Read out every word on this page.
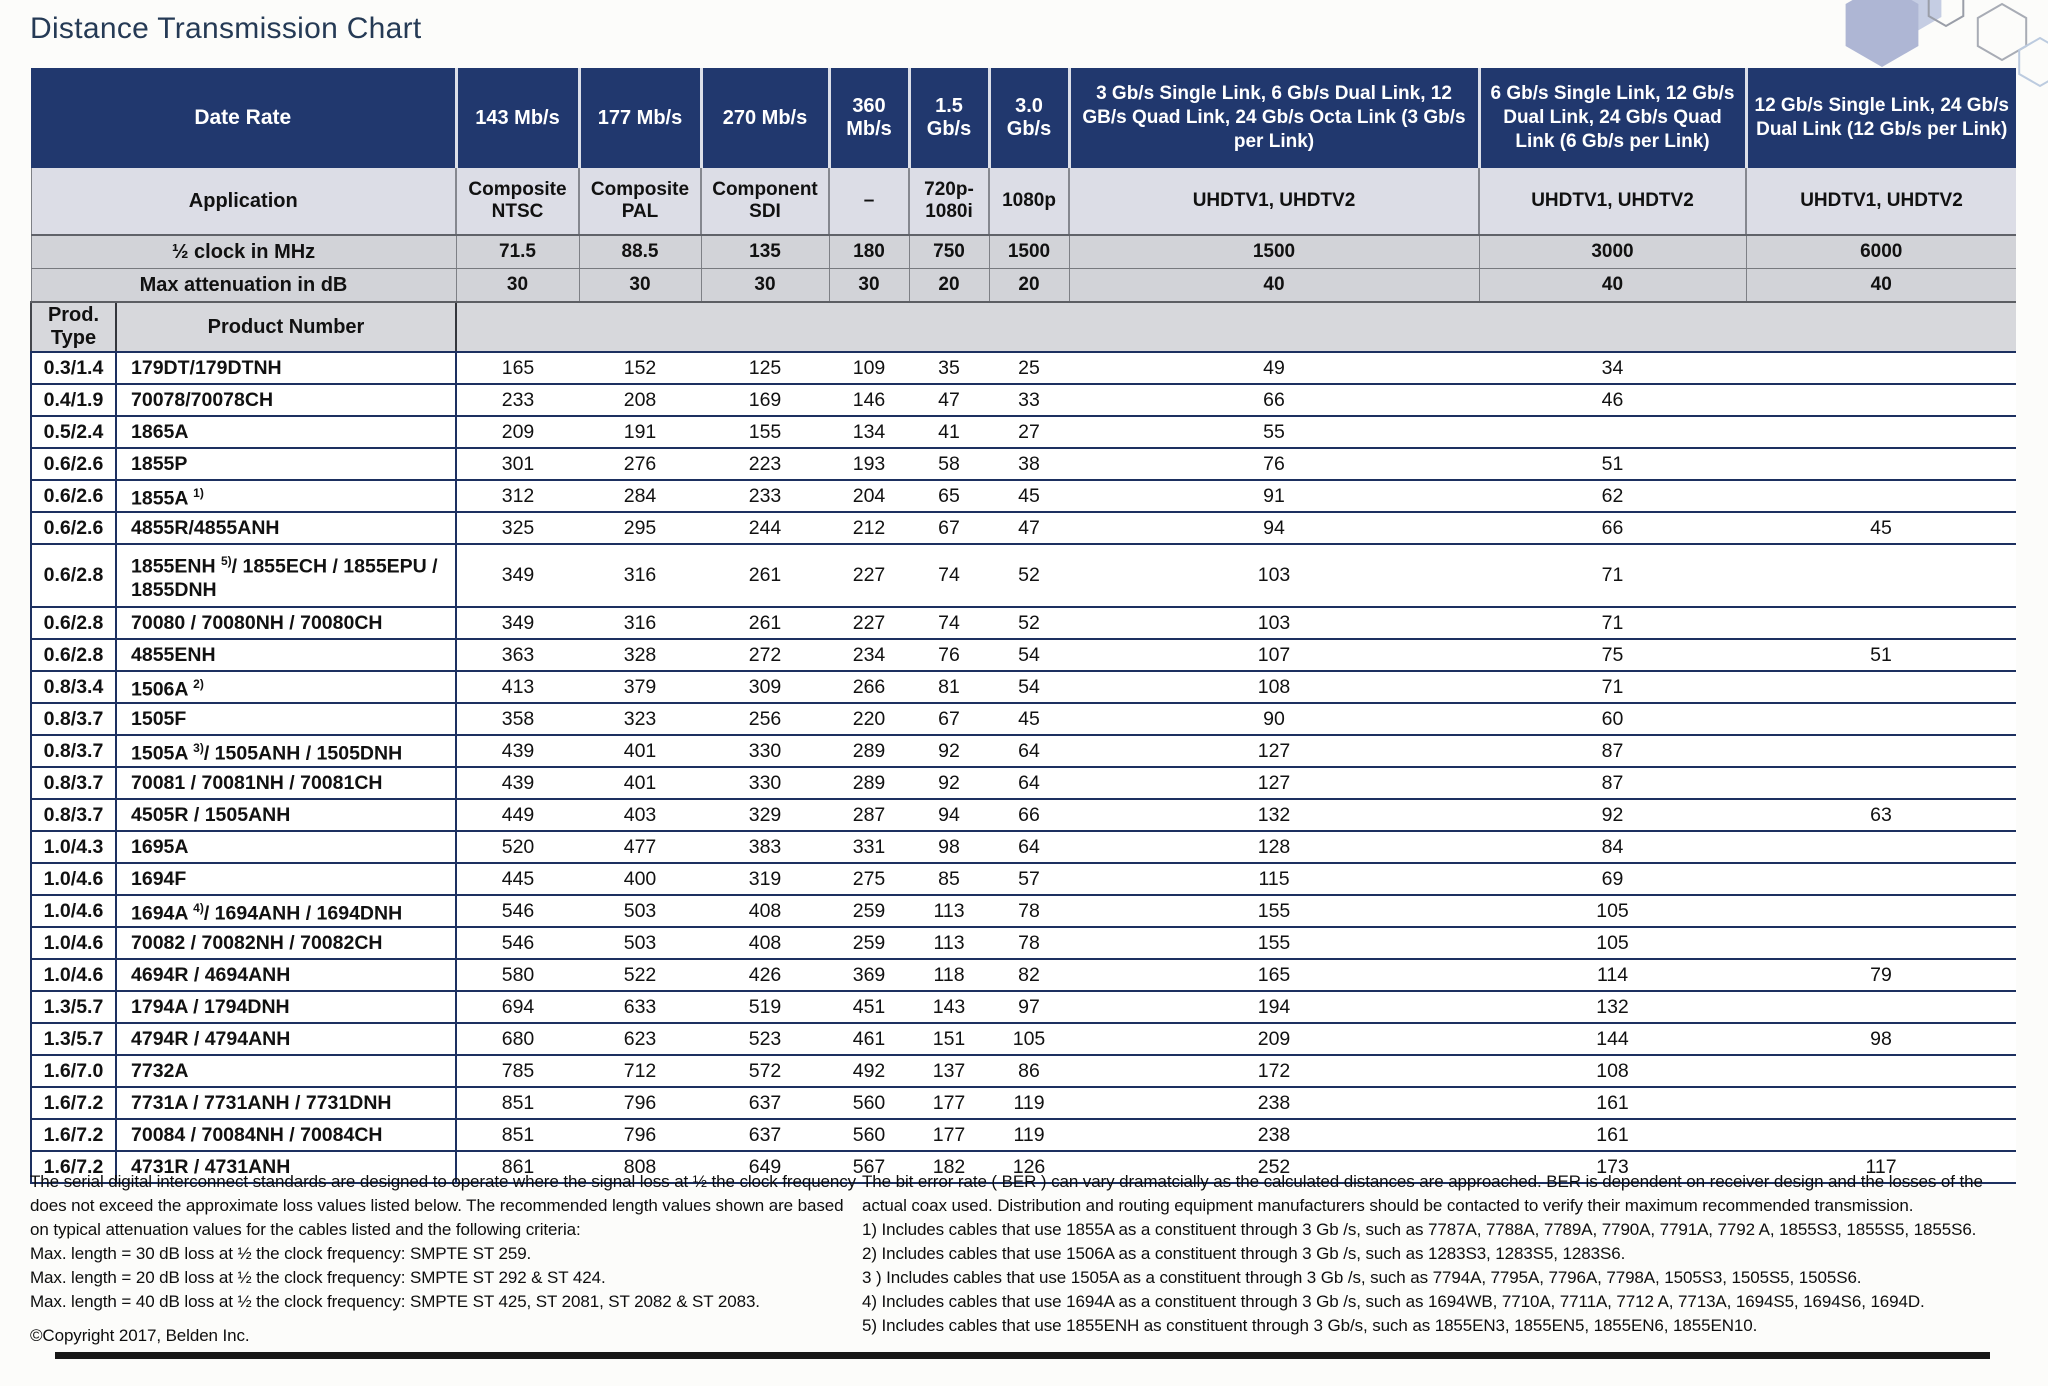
Distance Transmission Chart
Date Rate		143 Mb/s	177 Mb/s	270 Mb/s	360 Mb/s	1.5 Gb/s	3.0 Gb/s	3 Gb/s Single Link, 6 Gb/s Dual Link, 12 GB/s Quad Link, 24 Gb/s Octa Link (3 Gb/s per Link)	6 Gb/s Single Link, 12 Gb/s Dual Link, 24 Gb/s Quad Link (6 Gb/s per Link)	12 Gb/s Single Link, 24 Gb/s Dual Link (12 Gb/s per Link)
Application		Composite NTSC	Composite PAL	Component SDI	–	720p-1080i	1080p	UHDTV1, UHDTV2	UHDTV1, UHDTV2	UHDTV1, UHDTV2
½ clock in MHz		71.5	88.5	135	180	750	1500	1500	3000	6000
Max attenuation in dB		30	30	30	30	20	20	40	40	40
Prod. Type	Product Number									
0.3/1.4	179DT/179DTNH	165	152	125	109	35	25	49	34	
0.4/1.9	70078/70078CH	233	208	169	146	47	33	66	46	
0.5/2.4	1865A	209	191	155	134	41	27	55		
0.6/2.6	1855P	301	276	223	193	58	38	76	51	
0.6/2.6	1855A $^{1)}$	312	284	233	204	65	45	91	62	
0.6/2.6	4855R/4855ANH	325	295	244	212	67	47	94	66	45
0.6/2.8	1855ENH $^{5)}$/ 1855ECH / 1855EPU / 1855DNH	349	316	261	227	74	52	103	71	
0.6/2.8	70080 / 70080NH / 70080CH	349	316	261	227	74	52	103	71	
0.6/2.8	4855ENH	363	328	272	234	76	54	107	75	51
0.8/3.4	1506A $^{2)}$	413	379	309	266	81	54	108	71	
0.8/3.7	1505F	358	323	256	220	67	45	90	60	
0.8/3.7	1505A $^{3)}$/ 1505ANH / 1505DNH	439	401	330	289	92	64	127	87	
0.8/3.7	70081 / 70081NH / 70081CH	439	401	330	289	92	64	127	87	
0.8/3.7	4505R / 1505ANH	449	403	329	287	94	66	132	92	63
1.0/4.3	1695A	520	477	383	331	98	64	128	84	
1.0/4.6	1694F	445	400	319	275	85	57	115	69	
1.0/4.6	1694A $^{4)}$/ 1694ANH / 1694DNH	546	503	408	259	113	78	155	105	
1.0/4.6	70082 / 70082NH / 70082CH	546	503	408	259	113	78	155	105	
1.0/4.6	4694R / 4694ANH	580	522	426	369	118	82	165	114	79
1.3/5.7	1794A / 1794DNH	694	633	519	451	143	97	194	132	
1.3/5.7	4794R / 4794ANH	680	623	523	461	151	105	209	144	98
1.6/7.0	7732A	785	712	572	492	137	86	172	108	
1.6/7.2	7731A / 7731ANH / 7731DNH	851	796	637	560	177	119	238	161	
1.6/7.2	70084 / 70084NH / 70084CH	851	796	637	560	177	119	238	161	
1.6/7.2	4731R / 4731ANH	861	808	649	567	182	126	252	173	117
The serial digital interconnect standards are designed to operate where the signal loss at ½ the clock frequency does not exceed the approximate loss values listed below. The recommended length values shown are based on typical attenuation values for the cables listed and the following criteria:
Max. length = 30 dB loss at ½ the clock frequency: SMPTE ST 259.
Max. length = 20 dB loss at ½ the clock frequency: SMPTE ST 292 & ST 424.
Max. length = 40 dB loss at ½ the clock frequency: SMPTE ST 425, ST 2081, ST 2082 & ST 2083.
©Copyright 2017, Belden Inc.
The bit error rate ( BER ) can vary dramatcially as the calculated distances are approached. BER is dependent on receiver design and the losses of the actual coax used. Distribution and routing equipment manufacturers should be contacted to verify their maximum recommended transmission.
1) Includes cables that use 1855A as a constituent through 3 Gb /s, such as 7787A, 7788A, 7789A, 7790A, 7791A, 7792 A, 1855S3, 1855S5, 1855S6.
2) Includes cables that use 1506A as a constituent through 3 Gb /s, such as 1283S3, 1283S5, 1283S6.
3 ) Includes cables that use 1505A as a constituent through 3 Gb /s, such as 7794A, 7795A, 7796A, 7798A, 1505S3, 1505S5, 1505S6.
4) Includes cables that use 1694A as a constituent through 3 Gb /s, such as 1694WB, 7710A, 7711A, 7712 A, 7713A, 1694S5, 1694S6, 1694D.
5) Includes cables that use 1855ENH as constituent through 3 Gb/s, such as 1855EN3, 1855EN5, 1855EN6, 1855EN10.
